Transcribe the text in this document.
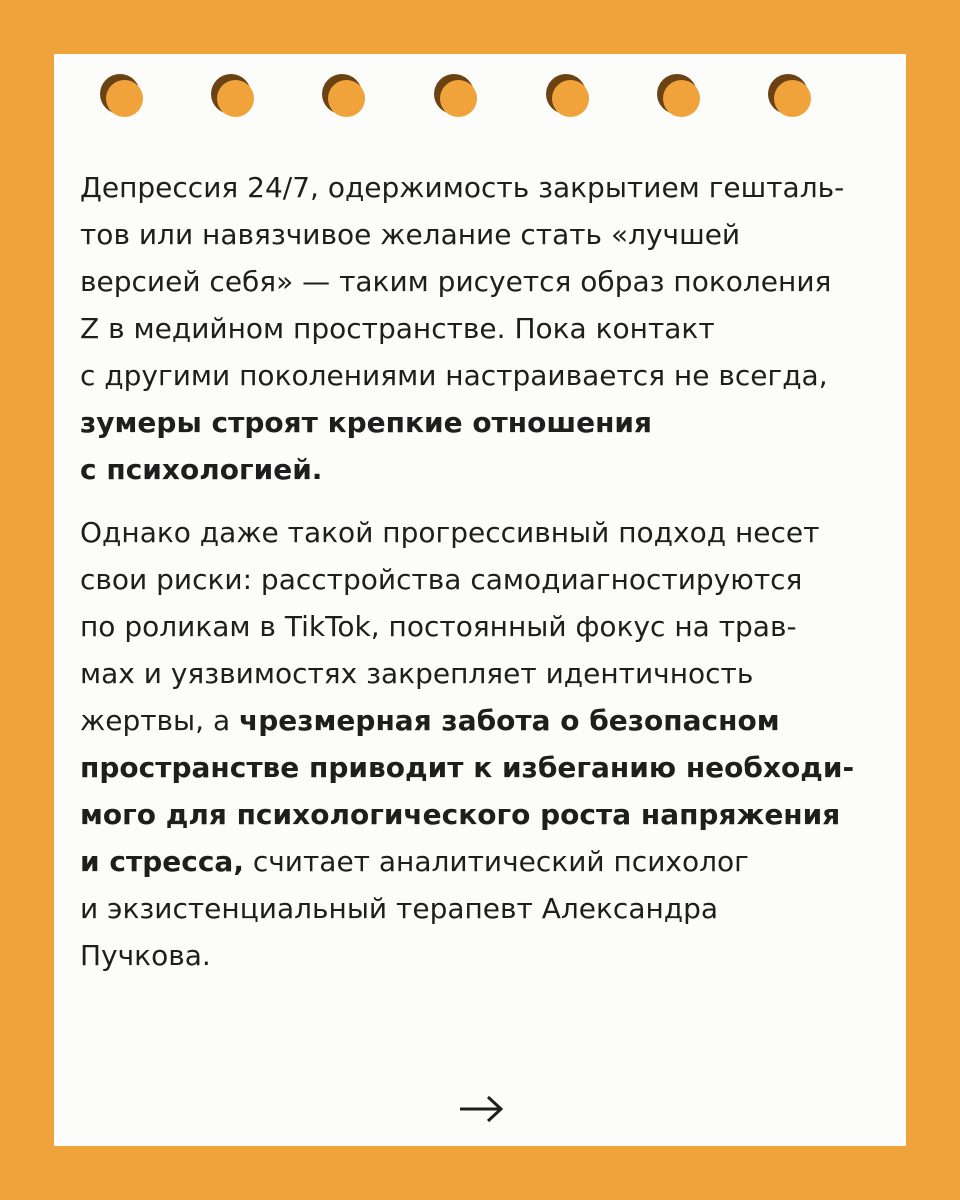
Депрессия 24/7, одержимость закрытием гешталь-
тов или навязчивое желание стать «лучшей
версией себя» — таким рисуется образ поколения
Z в медийном пространстве. Пока контакт
с другими поколениями настраивается не всегда,
зумеры строят крепкие отношения
с психологией.

Однако даже такой прогрессивный подход несет
свои риски: расстройства самодиагностируются
по роликам в TikTok, постоянный фокус на трав-
мах и уязвимостях закрепляет идентичность
жертвы, а чрезмерная забота о безопасном
пространстве приводит к избеганию необходи-
мого для психологического роста напряжения
и стресса, считает аналитический психолог
и экзистенциальный терапевт Александра
Пучкова.
